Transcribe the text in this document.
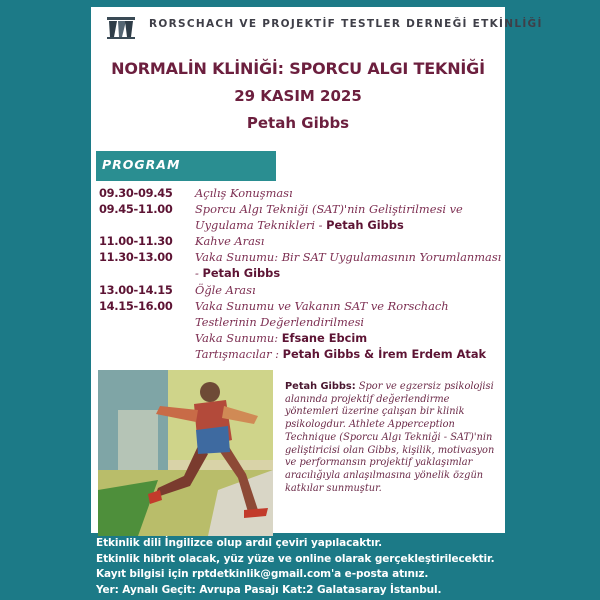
RORSCHACH VE PROJEKTİF TESTLER DERNEĞİ ETKİNLİĞİ
NORMALİN KLİNİĞİ: SPORCU ALGI TEKNİĞİ
29 KASIM 2025
Petah Gibbs
PROGRAM
09.30-09.45	Açılış Konuşması
09.45-11.00	Sporcu Algı Tekniği (SAT)'nin Geliştirilmesi ve Uygulama Teknikleri - Petah Gibbs
11.00-11.30	Kahve Arası
11.30-13.00	Vaka Sunumu: Bir SAT Uygulamasının Yorumlanması - Petah Gibbs
13.00-14.15	Öğle Arası
14.15-16.00	Vaka Sunumu ve Vakanın SAT ve Rorschach Testlerinin Değerlendirilmesi
Vaka Sunumu: Efsane Ebcim
Tartışmacılar : Petah Gibbs & İrem Erdem Atak
Petah Gibbs: Spor ve egzersiz psikolojisi alanında projektif değerlendirme yöntemleri üzerine çalışan bir klinik psikologdur. Athlete Apperception Technique (Sporcu Algı Tekniği - SAT)'nin geliştiricisi olan Gibbs, kişilik, motivasyon ve performansın projektif yaklaşımlar aracılığıyla anlaşılmasına yönelik özgün katkılar sunmuştur.
Etkinlik dili İngilizce olup ardıl çeviri yapılacaktır.
Etkinlik hibrit olacak, yüz yüze ve online olarak gerçekleştirilecektir.
Kayıt bilgisi için rptdetkinlik@gmail.com'a e-posta atınız.
Yer: Aynalı Geçit: Avrupa Pasajı Kat:2 Galatasaray İstanbul.
